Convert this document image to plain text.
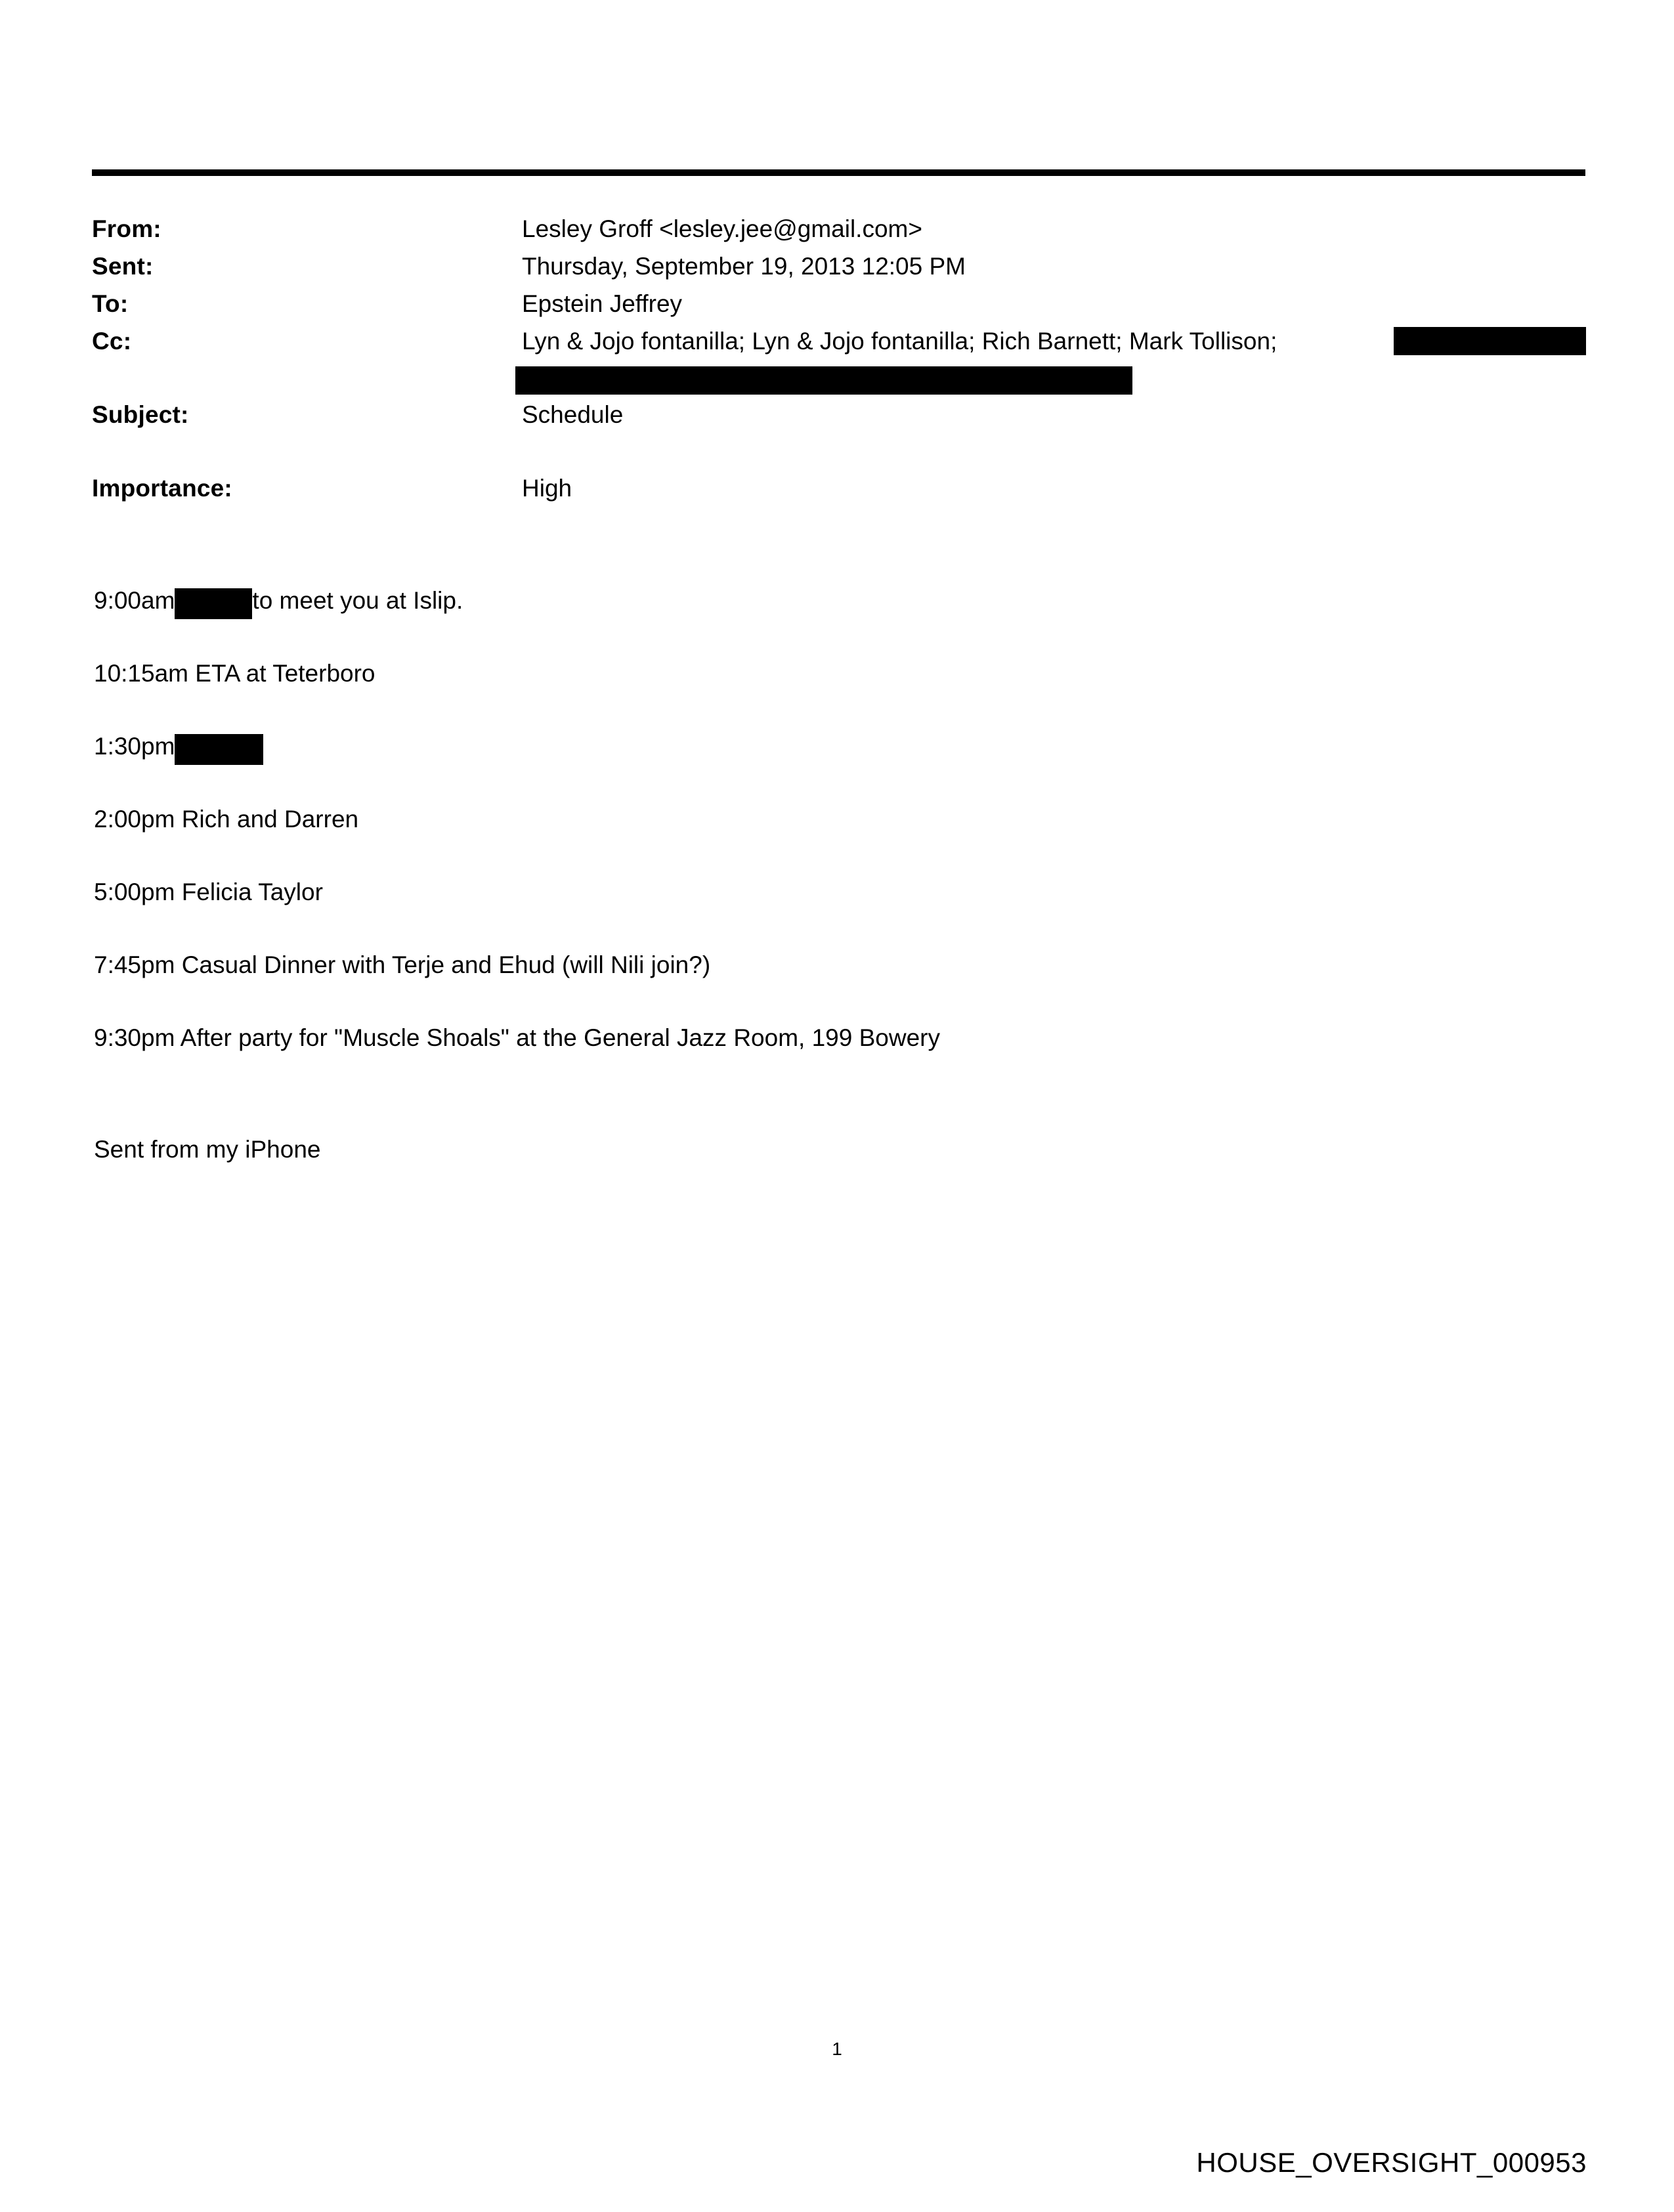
From:	Lesley Groff <lesley.jee@gmail.com>
Sent:	Thursday, September 19, 2013 12:05 PM
To:	Epstein Jeffrey
Cc:	Lyn & Jojo fontanilla; Lyn & Jojo fontanilla; Rich Barnett; Mark Tollison;
Subject:	Schedule
Importance:	High
9:00am	to meet you at Islip.
10:15am ETA at Teterboro
1:30pm
2:00pm Rich and Darren
5:00pm Felicia Taylor
7:45pm Casual Dinner with Terje and Ehud (will Nili join?)
9:30pm After party for "Muscle Shoals" at the General Jazz Room, 199 Bowery
Sent from my iPhone
1
HOUSE_OVERSIGHT_000953
